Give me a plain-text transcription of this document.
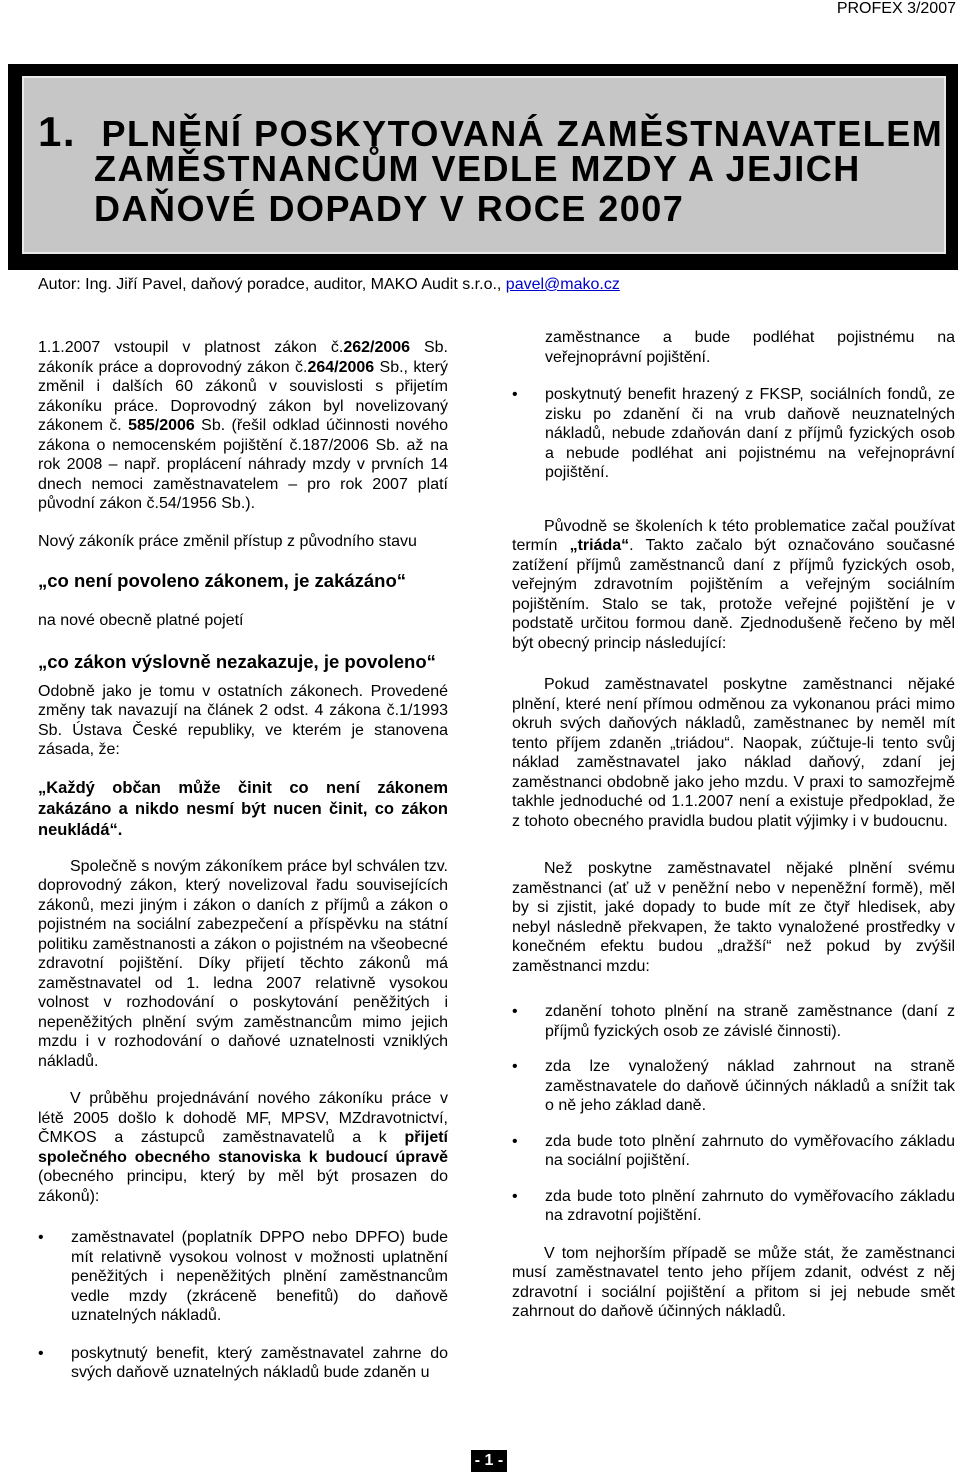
PROFEX 3/2007
1. PLNĚNÍ POSKYTOVANÁ ZAMĚSTNAVATELEM
ZAMĚSTNANCŮM VEDLE MZDY A JEJICH
DAŇOVÉ DOPADY V ROCE 2007
Autor: Ing. Jiří Pavel, daňový poradce, auditor, MAKO Audit s.r.o., pavel@mako.cz

1.1.2007 vstoupil v platnost zákon č.262/2006 Sb. zákoník práce a doprovodný zákon č.264/2006 Sb., který změnil i dalších 60 zákonů v souvislosti s přijetím zákoníku práce. Doprovodný zákon byl novelizovaný zákonem č. 585/2006 Sb. (řešil odklad účinnosti nového zákona o nemocenském pojištění č.187/2006 Sb. až na rok 2008 – např. proplácení náhrady mzdy v prvních 14 dnech nemoci zaměstnavatelem – pro rok 2007 platí původní zákon č.54/1956 Sb.).

Nový zákoník práce změnil přístup z původního stavu

„co není povoleno zákonem, je zakázáno“

na nové obecně platné pojetí

„co zákon výslovně nezakazuje, je povoleno“

Odobně jako je tomu v ostatních zákonech. Provedené změny tak navazují na článek 2 odst. 4 zákona č.1/1993 Sb. Ústava České republiky, ve kterém je stanovena zásada, že:

„Každý občan může činit co není zákonem zakázáno a nikdo nesmí být nucen činit, co zákon neukládá“.

Společně s novým zákoníkem práce byl schválen tzv. doprovodný zákon, který novelizoval řadu souvisejících zákonů, mezi jiným i zákon o daních z příjmů a zákon o pojistném na sociální zabezpečení a příspěvku na státní politiku zaměstnanosti a zákon o pojistném na všeobecné zdravotní pojištění. Díky přijetí těchto zákonů má zaměstnavatel od 1. ledna 2007 relativně vysokou volnost v rozhodování o poskytování peněžitých i nepeněžitých plnění svým zaměstnancům mimo jejich mzdu i v rozhodování o daňové uznatelnosti vzniklých nákladů.

V průběhu projednávání nového zákoníku práce v létě 2005 došlo k dohodě MF, MPSV, MZdravotnictví, ČMKOS a zástupců zaměstnavatelů a k přijetí společného obecného stanoviska k budoucí úpravě (obecného principu, který by měl být prosazen do zákonů):

• zaměstnavatel (poplatník DPPO nebo DPFO) bude mít relativně vysokou volnost v možnosti uplatnění peněžitých i nepeněžitých plnění zaměstnancům vedle mzdy (zkráceně benefitů) do daňově uznatelných nákladů.
• poskytnutý benefit, který zaměstnavatel zahrne do svých daňově uznatelných nákladů bude zdaněn u
zaměstnance a bude podléhat pojistnému na veřejnoprávní pojištění.
• poskytnutý benefit hrazený z FKSP, sociálních fondů, ze zisku po zdanění či na vrub daňově neuznatelných nákladů, nebude zdaňován daní z příjmů fyzických osob a nebude podléhat ani pojistnému na veřejnoprávní pojištění.

Původně se školeních k této problematice začal používat termín „triáda“. Takto začalo být označováno současné zatížení příjmů zaměstnanců daní z příjmů fyzických osob, veřejným zdravotním pojištěním a veřejným sociálním pojištěním. Stalo se tak, protože veřejné pojištění je v podstatě určitou formou daně. Zjednodušeně řečeno by měl být obecný princip následující:

Pokud zaměstnavatel poskytne zaměstnanci nějaké plnění, které není přímou odměnou za vykonanou práci mimo okruh svých daňových nákladů, zaměstnanec by neměl mít tento příjem zdaněn „triádou“. Naopak, zúčtuje-li tento svůj náklad zaměstnavatel jako náklad daňový, zdaní jej zaměstnanci obdobně jako jeho mzdu. V praxi to samozřejmě takhle jednoduché od 1.1.2007 není a existuje předpoklad, že z tohoto obecného pravidla budou platit výjimky i v budoucnu.

Než poskytne zaměstnavatel nějaké plnění svému zaměstnanci (ať už v peněžní nebo v nepeněžní formě), měl by si zjistit, jaké dopady to bude mít ze čtyř hledisek, aby nebyl následně překvapen, že takto vynaložené prostředky v konečném efektu budou „dražší“ než pokud by zvýšil zaměstnanci mzdu:

• zdanění tohoto plnění na straně zaměstnance (daní z příjmů fyzických osob ze závislé činnosti).
• zda lze vynaložený náklad zahrnout na straně zaměstnavatele do daňově účinných nákladů a snížit tak o ně jeho základ daně.
• zda bude toto plnění zahrnuto do vyměřovacího základu na sociální pojištění.
• zda bude toto plnění zahrnuto do vyměřovacího základu na zdravotní pojištění.

V tom nejhorším případě se může stát, že zaměstnanci musí zaměstnavatel tento jeho příjem zdanit, odvést z něj zdravotní i sociální pojištění a přitom si jej nebude smět zahrnout do daňově účinných nákladů.

- 1 -
